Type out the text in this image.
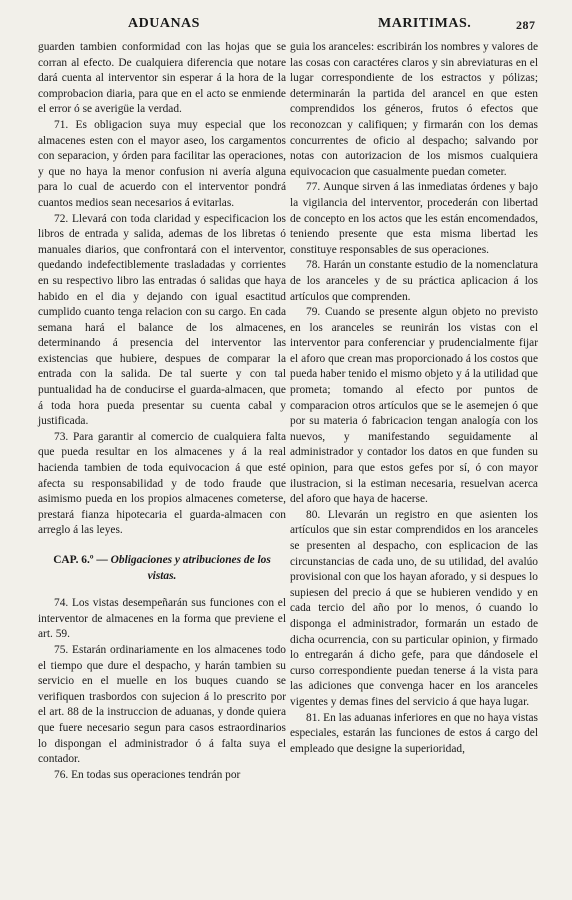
ADUANAS	MARITIMAS.	287

guarden tambien conformidad con las hojas que se corran al efecto. De cualquiera diferencia que notare dará cuenta al interventor sin esperar á la hora de la comprobacion diaria, para que en el acto se enmiende el error ó se averigüe la verdad.

71. Es obligacion suya muy especial que los almacenes esten con el mayor aseo, los cargamentos con separacion, y órden para facilitar las operaciones, y que no haya la menor confusion ni avería alguna para lo cual de acuerdo con el interventor pondrá cuantos medios sean necesarios á evitarlas.

72. Llevará con toda claridad y especificacion los libros de entrada y salida, ademas de los libretas ó manuales diarios, que confrontará con el interventor, quedando indefectiblemente trasladadas y corrientes en su respectivo libro las entradas ó salidas que haya habido en el dia y dejando con igual esactitud cumplido cuanto tenga relacion con su cargo. En cada semana hará el balance de los almacenes, determinando á presencia del interventor las existencias que hubiere, despues de comparar la entrada con la salida. De tal suerte y con tal puntualidad ha de conducirse el guarda-almacen, que á toda hora pueda presentar su cuenta cabal y justificada.

73. Para garantir al comercio de cualquiera falta que pueda resultar en los almacenes y á la real hacienda tambien de toda equivocacion á que esté afecta su responsabilidad y de todo fraude que asimismo pueda en los propios almacenes cometerse, prestará fianza hipotecaria el guarda-almacen con arreglo á las leyes.

CAP. 6.º — Obligaciones y atribuciones de los vistas.

74. Los vistas desempeñarán sus funciones con el interventor de almacenes en la forma que previene el art. 59.

75. Estarán ordinariamente en los almacenes todo el tiempo que dure el despacho, y harán tambien su servicio en el muelle en los buques cuando se verifiquen trasbordos con sujecion á lo prescrito por el art. 88 de la instruccion de aduanas, y donde quiera que fuere necesario segun para casos estraordinarios lo dispongan el administrador ó á falta suya el contador.

76. En todas sus operaciones tendrán por

guia los aranceles: escribirán los nombres y valores de las cosas con caractéres claros y sin abreviaturas en el lugar correspondiente de los estractos y pólizas; determinarán la partida del arancel en que esten comprendidos los géneros, frutos ó efectos que reconozcan y califiquen; y firmarán con los demas concurrentes de oficio al despacho; salvando por notas con autorizacion de los mismos cualquiera equivocacion que casualmente puedan cometer.

77. Aunque sirven á las inmediatas órdenes y bajo la vigilancia del interventor, procederán con libertad de concepto en los actos que les están encomendados, teniendo presente que esta misma libertad les constituye responsables de sus operaciones.

78. Harán un constante estudio de la nomenclatura de los aranceles y de su práctica aplicacion á los artículos que comprenden.

79. Cuando se presente algun objeto no previsto en los aranceles se reunirán los vistas con el interventor para conferenciar y prudencialmente fijar el aforo que crean mas proporcionado á los costos que pueda haber tenido el mismo objeto y á la utilidad que prometa; tomando al efecto por puntos de comparacion otros artículos que se le asemejen ó que por su materia ó fabricacion tengan analogía con los nuevos, y manifestando seguidamente al administrador y contador los datos en que funden su opinion, para que estos gefes por sí, ó con mayor ilustracion, si la estiman necesaria, resuelvan acerca del aforo que haya de hacerse.

80. Llevarán un registro en que asienten los artículos que sin estar comprendidos en los aranceles se presenten al despacho, con esplicacion de las circunstancias de cada uno, de su utilidad, del avalúo provisional con que los hayan aforado, y si despues lo supiesen del precio á que se hubieren vendido y en cada tercio del año por lo menos, ó cuando lo disponga el administrador, formarán un estado de dicha ocurrencia, con su particular opinion, y firmado lo entregarán á dicho gefe, para que dándosele el curso correspondiente puedan tenerse á la vista para las adiciones que convenga hacer en los aranceles vigentes y demas fines del servicio á que haya lugar.

81. En las aduanas inferiores en que no haya vistas especiales, estarán las funciones de estos á cargo del empleado que designe la superioridad,
